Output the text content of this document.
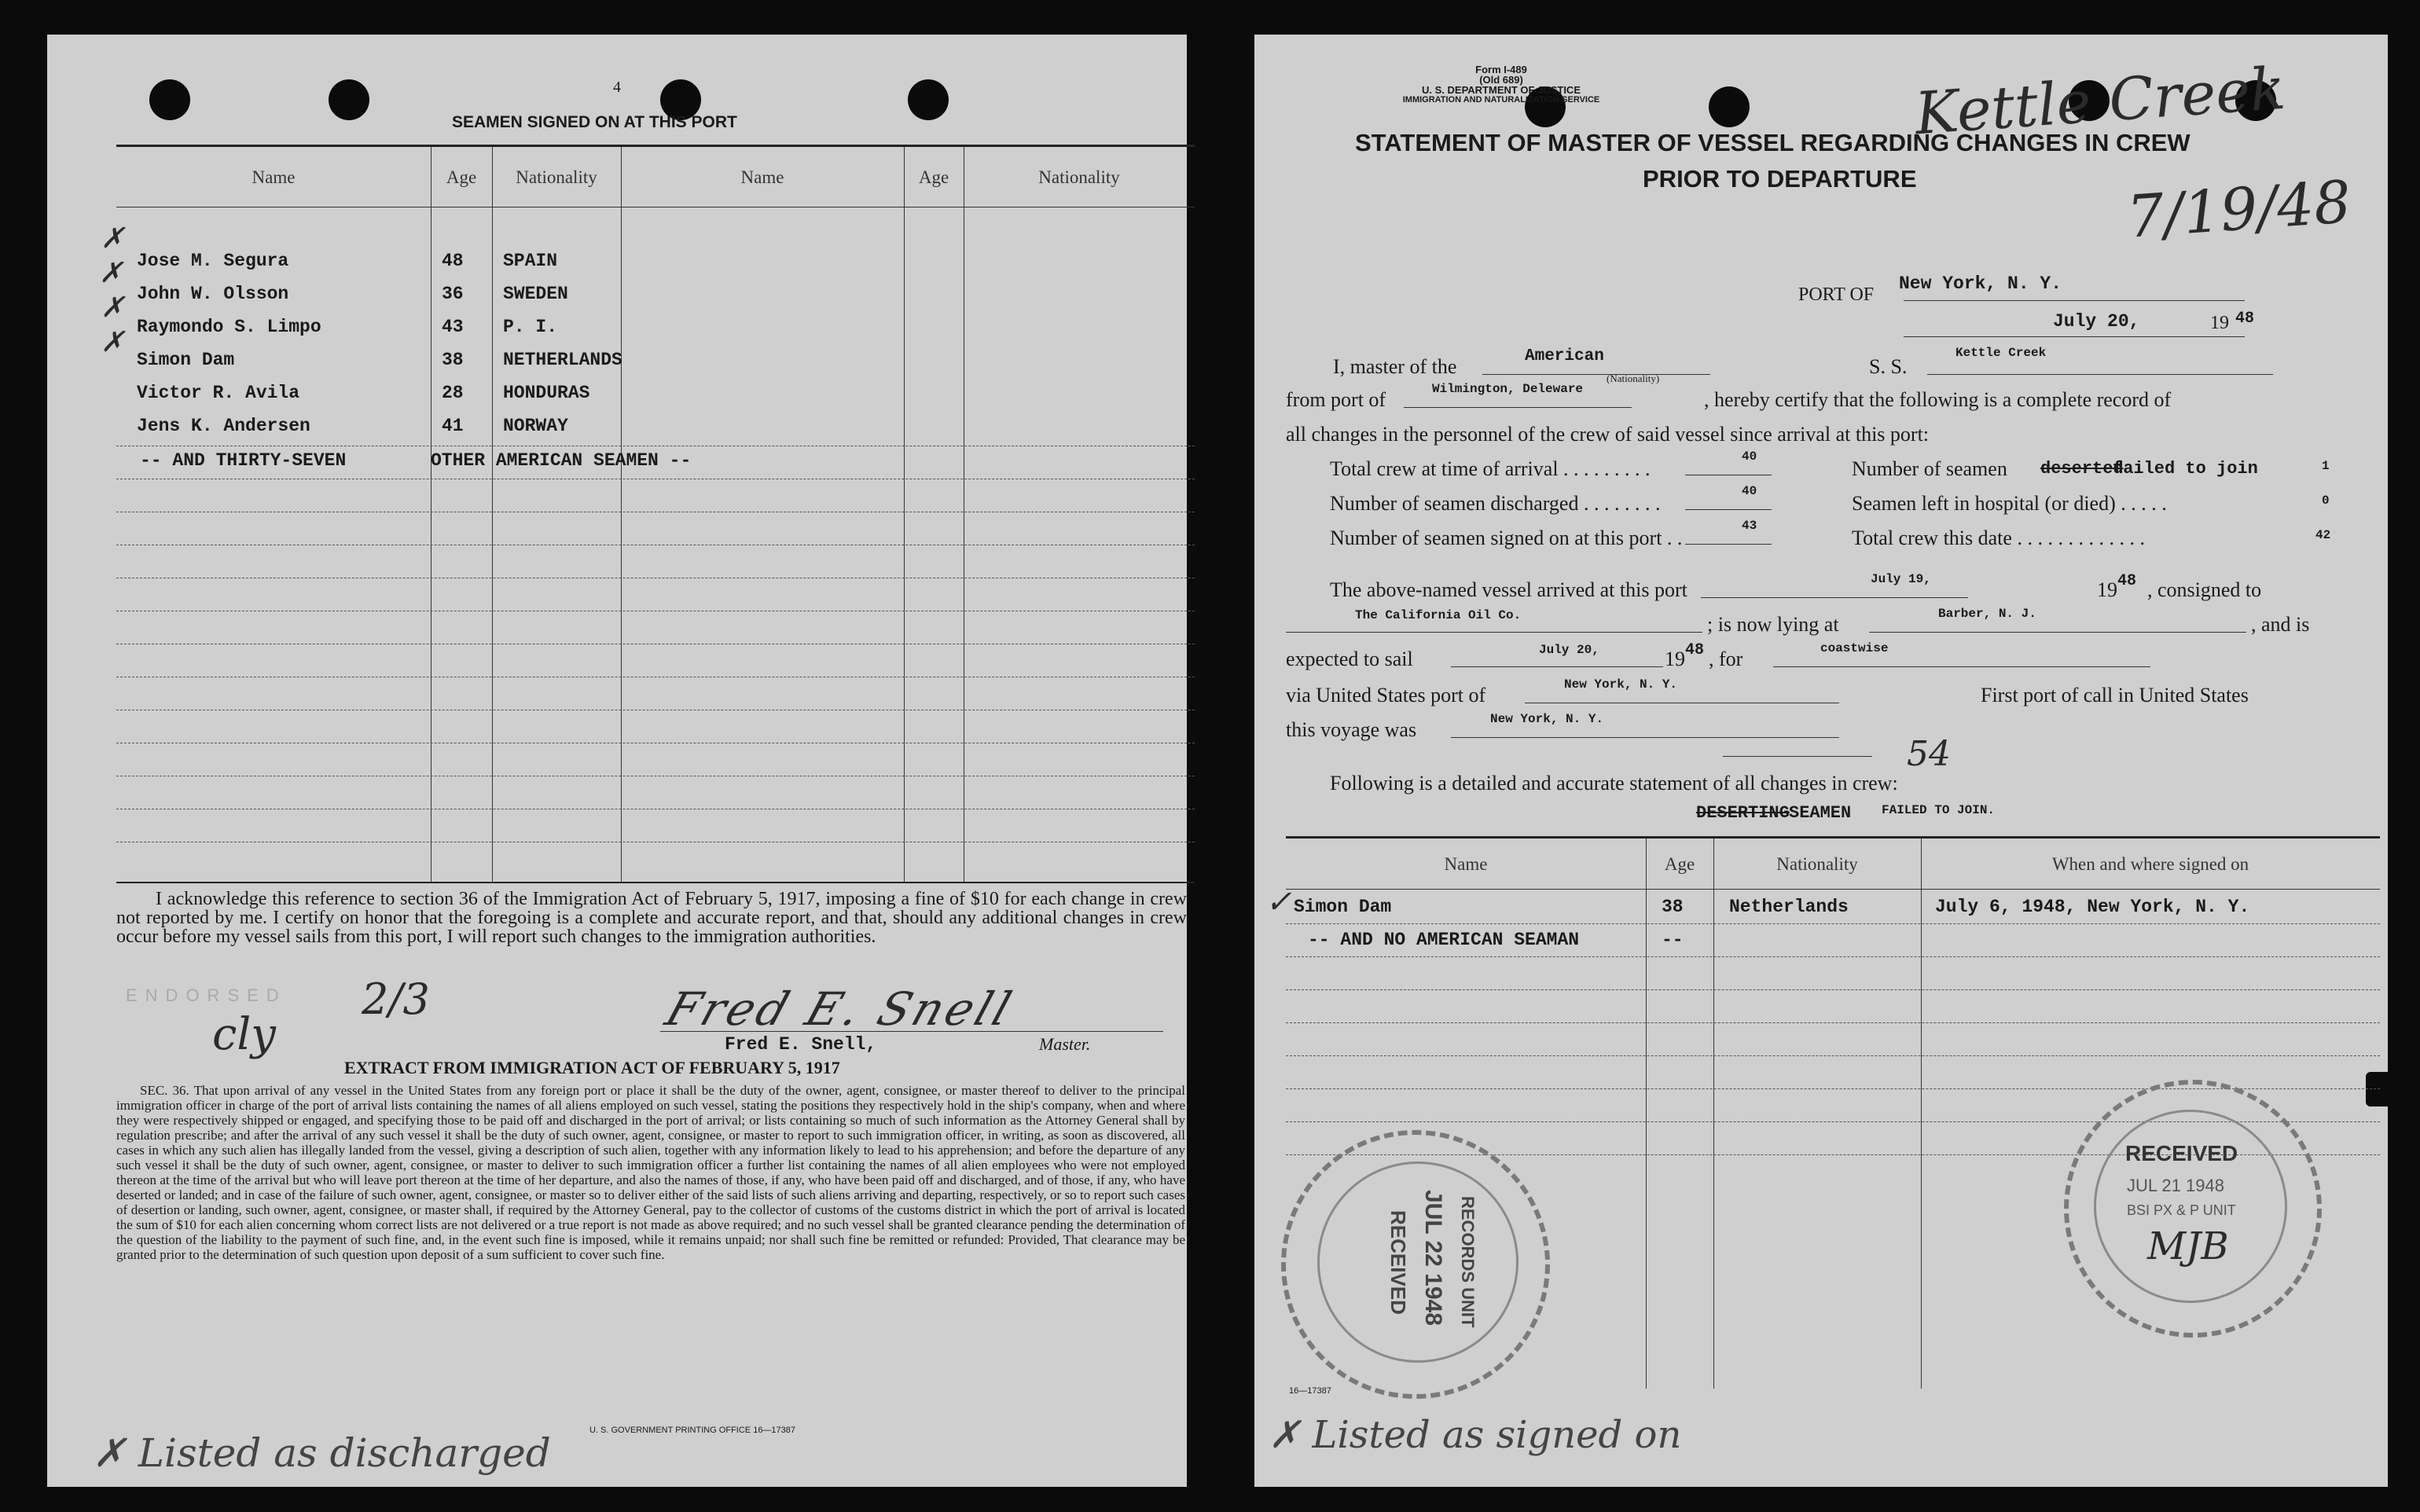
4
SEAMEN SIGNED ON AT THIS PORT
Name	Age	Nationality	Name	Age	Nationality
✗
Jose M. Segura	48 SPAIN
✗
John W. Olsson	36 SWEDEN
✗
Raymondo S. Limpo	43 P. I.
✗
Simon Dam	38 NETHERLANDS
Victor R. Avila	28 HONDURAS
Jens K. Andersen	41 NORWAY
-- AND THIRTY-SEVEN	OTHER AMERICAN SEAMEN --
I acknowledge this reference to section 36 of the Immigration Act of February 5, 1917, imposing a fine of $10 for each change in crew not reported by me. I certify on honor that the foregoing is a complete and accurate report, and that, should any additional changes in crew occur before my vessel sails from this port, I will report such changes to the immigration authorities.
ENDORSED
cly
2/3	Fred E. Snell
Fred E. Snell,	Master.
EXTRACT FROM IMMIGRATION ACT OF FEBRUARY 5, 1917
SEC. 36. That upon arrival of any vessel in the United States from any foreign port or place it shall be the duty of the owner, agent, consignee, or master thereof to deliver to the principal immigration officer in charge of the port of arrival lists containing the names of all aliens employed on such vessel, stating the positions they respectively hold in the ship's company, when and where they were respectively shipped or engaged, and specifying those to be paid off and discharged in the port of arrival; or lists containing so much of such information as the Attorney General shall by regulation prescribe; and after the arrival of any such vessel it shall be the duty of such owner, agent, consignee, or master to report to such immigration officer, in writing, as soon as discovered, all cases in which any such alien has illegally landed from the vessel, giving a description of such alien, together with any information likely to lead to his apprehension; and before the departure of any such vessel it shall be the duty of such owner, agent, consignee, or master to deliver to such immigration officer a further list containing the names of all alien employees who were not employed thereon at the time of the arrival but who will leave port thereon at the time of her departure, and also the names of those, if any, who have been paid off and discharged, and of those, if any, who have deserted or landed; and in case of the failure of such owner, agent, consignee, or master so to deliver either of the said lists of such aliens arriving and departing, respectively, or so to report such cases of desertion or landing, such owner, agent, consignee, or master shall, if required by the Attorney General, pay to the collector of customs of the customs district in which the port of arrival is located the sum of $10 for each alien concerning whom correct lists are not delivered or a true report is not made as above required; and no such vessel shall be granted clearance pending the determination of the question of the liability to the payment of such fine, and, in the event such fine is imposed, while it remains unpaid; nor shall such fine be remitted or refunded: Provided, That clearance may be granted prior to the determination of such question upon deposit of a sum sufficient to cover such fine.
U. S. GOVERNMENT PRINTING OFFICE 16—17387
✗ Listed as discharged
Form I-489
(Old 689)
U. S. DEPARTMENT OF JUSTICE
IMMIGRATION AND NATURALIZATION SERVICE	Kettle Creek
7/19/48
STATEMENT OF MASTER OF VESSEL REGARDING CHANGES IN CREW
PRIOR TO DEPARTURE
PORT OF
New York, N. Y.
July 20,	19 48
I, master of the	American
(Nationality)
S. S.
Kettle Creek
from port of	Wilmington, Deleware	, hereby certify that the following is a complete record of
all changes in the personnel of the crew of said vessel since arrival at this port:
Total crew at time of arrival . . . . . . . . .
40
Number of seamen discharged . . . . . . . .
40
Number of seamen signed on at this port . .
43
Number of seamen deserted
failed to join	1
Seamen left in hospital (or died) . . . . .	0
Total crew this date . . . . . . . . . . . . .	42
The above-named vessel arrived at this port	July 19,	19 48 , consigned to
The California Oil Co.	; is now lying at	Barber, N. J.	, and is
expected to sail	July 20,	19 48 , for	coastwise
via United States port of	New York, N. Y.	First port of call in United States
this voyage was	New York, N. Y.
54
Following is a detailed and accurate statement of all changes in crew:
DESERTING SEAMEN FAILED TO JOIN.
Name	Age	Nationality	When and where signed on
✓ Simon Dam	38	Netherlands	July 6, 1948, New York, N. Y.
-- AND NO AMERICAN SEAMAN	--
RECORDS UNIT
JUL 22 1948
RECEIVED
RECEIVED
JUL 21 1948
BSI PX & P UNIT
MJB
16—17387
✗ Listed as signed on
